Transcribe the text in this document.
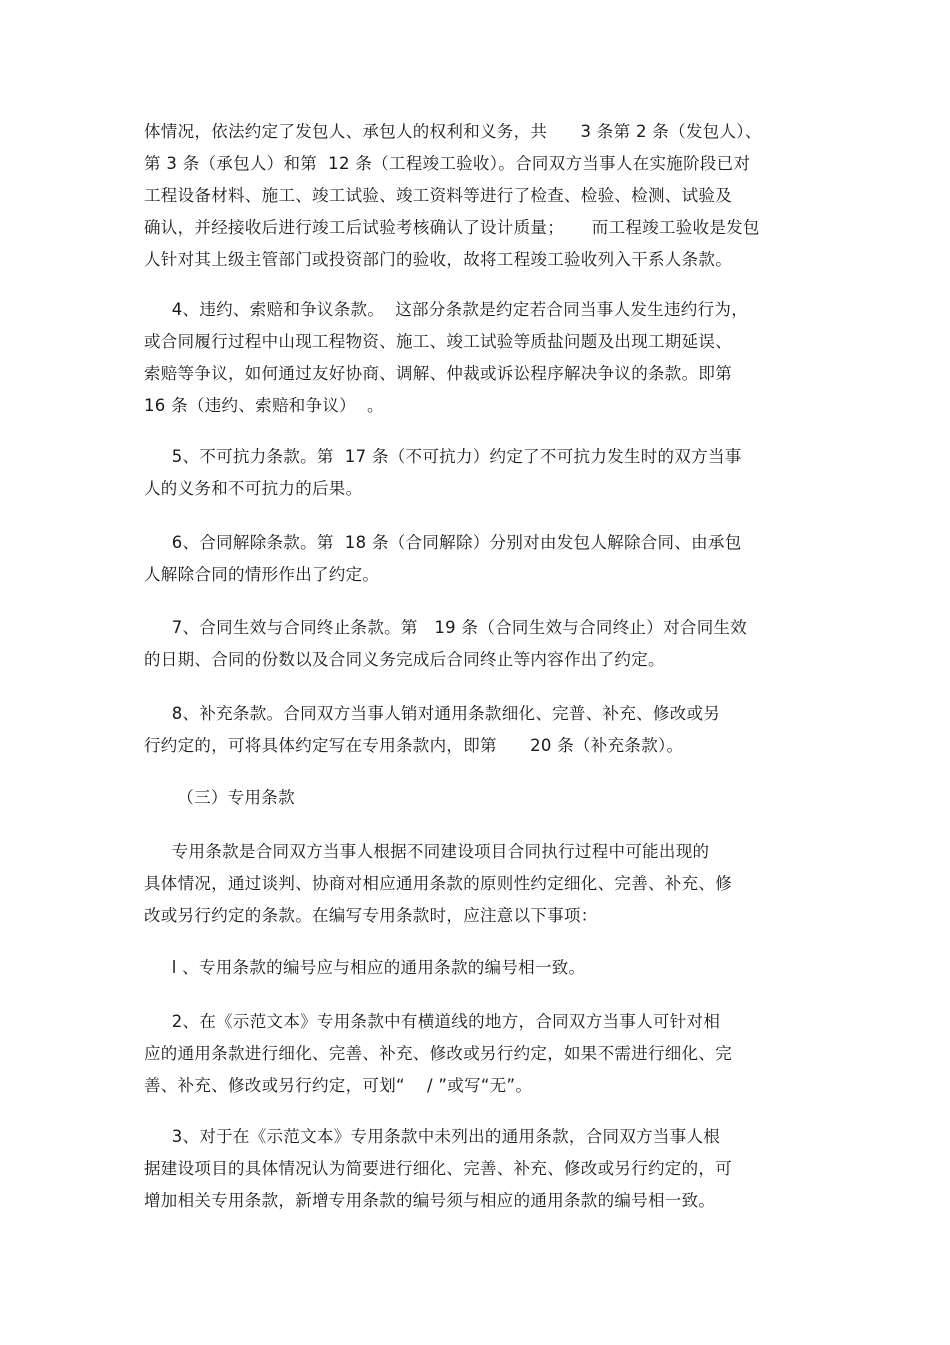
体情况，依法约定了发包人、承包人的权利和义务，共      3 条第 2 条（发包人）、
第 3 条（承包人）和第  12 条（工程竣工验收）。合同双方当事人在实施阶段已对
工程设备材料、施工、竣工试验、竣工资料等进行了检查、检验、检测、试验及
确认，并经接收后进行竣工后试验考核确认了设计质量；     而工程竣工验收是发包
人针对其上级主管部门或投资部门的验收，故将工程竣工验收列入干系人条款。
4、违约、索赔和争议条款。  这部分条款是约定若合同当事人发生违约行为，
或合同履行过程中山现工程物资、施工、竣工试验等质盐问题及出现工期延误、
索赔等争议，如何通过友好协商、调解、仲裁或诉讼程序解决争议的条款。即第
16 条（违约、索赔和争议）  。
5、不可抗力条款。第  17 条（不可抗力）约定了不可抗力发生时的双方当事
人的义务和不可抗力的后果。
6、合同解除条款。第  18 条（合同解除）分别对由发包人解除合同、由承包
人解除合同的情形作出了约定。
7、合同生效与合同终止条款。第   19 条（合同生效与合同终止）对合同生效
的日期、合同的份数以及合同义务完成后合同终止等内容作出了约定。
8、补充条款。合同双方当事人销对通用条款细化、完普、补充、修改或另
行约定的，可将具体约定写在专用条款内，即第      20 条（补充条款）。
（三）专用条款
专用条款是合同双方当事人根据不同建设项目合同执行过程中可能出现的
具体情况，通过谈判、协商对相应通用条款的原则性约定细化、完善、补充、修
改或另行约定的条款。在编写专用条款时，应注意以下事项：
l 、专用条款的编号应与相应的通用条款的编号相一致。
2、在《示范文本》专用条款中有横道线的地方，合同双方当事人可针对相
应的通用条款进行细化、完善、补充、修改或另行约定，如果不需进行细化、完
善、补充、修改或另行约定，可划“    / ”或写“无”。
3、对于在《示范文本》专用条款中未列出的通用条款，合同双方当事人根
据建设项目的具体情况认为简要进行细化、完善、补充、修改或另行约定的，可
增加相关专用条款，新增专用条款的编号须与相应的通用条款的编号相一致。
